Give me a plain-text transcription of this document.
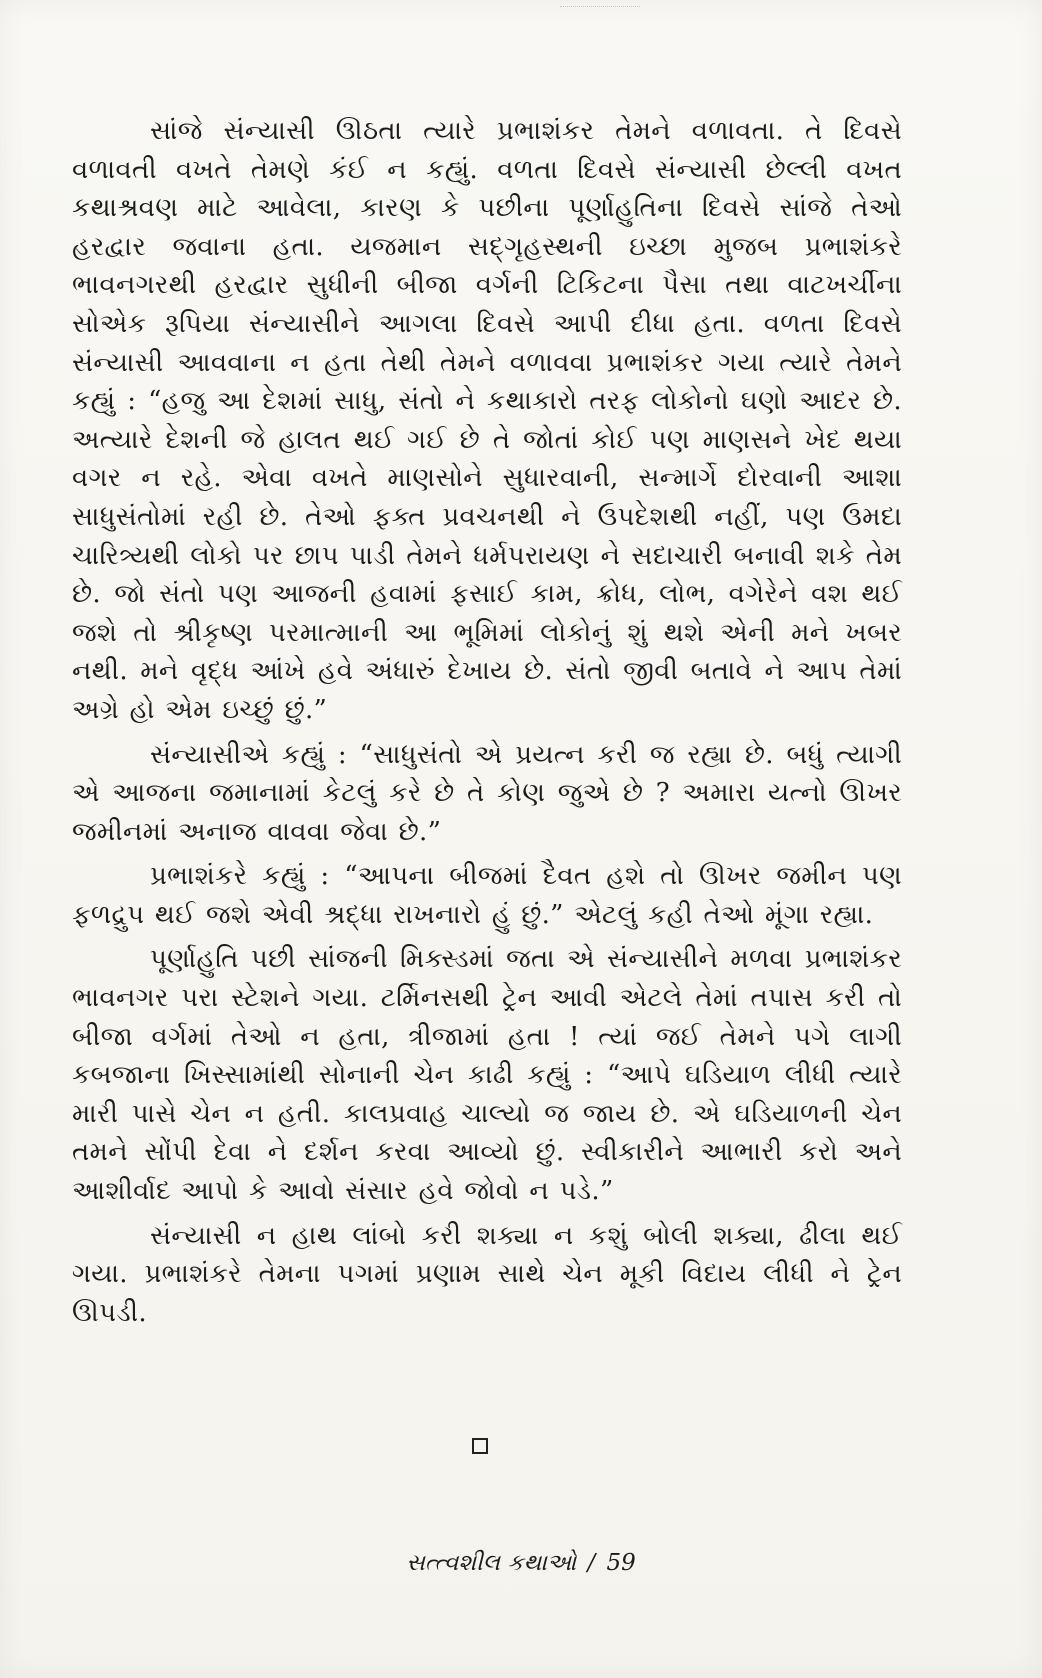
સાંજે સંન્યાસી ઊઠતા ત્યારે પ્રભાશંકર તેમને વળાવતા. તે દિવસે વળાવતી વખતે તેમણે કંઈ ન કહ્યું. વળતા દિવસે સંન્યાસી છેલ્લી વખત કથાશ્રવણ માટે આવેલા, કારણ કે પછીના પૂર્ણાહુતિના દિવસે સાંજે તેઓ હરદ્વાર જવાના હતા. યજમાન સદ્ગૃહસ્થની ઇચ્છા મુજબ પ્રભાશંકરે ભાવનગરથી હરદ્વાર સુધીની બીજા વર્ગની ટિકિટના પૈસા તથા વાટખર્ચીના સોએક રૂપિયા સંન્યાસીને આગલા દિવસે આપી દીધા હતા. વળતા દિવસે સંન્યાસી આવવાના ન હતા તેથી તેમને વળાવવા પ્રભાશંકર ગયા ત્યારે તેમને કહ્યું : “હજુ આ દેશમાં સાધુ, સંતો ને કથાકારો તરફ લોકોનો ઘણો આદર છે. અત્યારે દેશની જે હાલત થઈ ગઈ છે તે જોતાં કોઈ પણ માણસને ખેદ થયા વગર ન રહે. એવા વખતે માણસોને સુધારવાની, સન્માર્ગે દોરવાની આશા સાધુસંતોમાં રહી છે. તેઓ ફક્ત પ્રવચનથી ને ઉપદેશથી નહીં, પણ ઉમદા ચારિત્ર્યથી લોકો પર છાપ પાડી તેમને ધર્મપરાયણ ને સદાચારી બનાવી શકે તેમ છે. જો સંતો પણ આજની હવામાં ફસાઈ કામ, ક્રોધ, લોભ, વગેરેને વશ થઈ જશે તો શ્રીકૃષ્ણ પરમાત્માની આ ભૂમિમાં લોકોનું શું થશે એની મને ખબર નથી. મને વૃદ્ધ આંખે હવે અંધારું દેખાય છે. સંતો જીવી બતાવે ને આપ તેમાં અગ્રે હો એમ ઇચ્છું છું.”

સંન્યાસીએ કહ્યું : “સાધુસંતો એ પ્રયત્ન કરી જ રહ્યા છે. બધું ત્યાગી એ આજના જમાનામાં કેટલું કરે છે તે કોણ જુએ છે ? અમારા યત્નો ઊખર જમીનમાં અનાજ વાવવા જેવા છે.”

પ્રભાશંકરે કહ્યું : “આપના બીજમાં દૈવત હશે તો ઊખર જમીન પણ ફળદ્રુપ થઈ જશે એવી શ્રદ્ધા રાખનારો હું છું.” એટલું કહી તેઓ મૂંગા રહ્યા.

પૂર્ણાહુતિ પછી સાંજની મિક્સ્ડમાં જતા એ સંન્યાસીને મળવા પ્રભાશંકર ભાવનગર પરા સ્ટેશને ગયા. ટર્મિનસથી ટ્રેન આવી એટલે તેમાં તપાસ કરી તો બીજા વર્ગમાં તેઓ ન હતા, ત્રીજામાં હતા ! ત્યાં જઈ તેમને પગે લાગી કબજાના ખિસ્સામાંથી સોનાની ચેન કાઢી કહ્યું : “આપે ઘડિયાળ લીધી ત્યારે મારી પાસે ચેન ન હતી. કાલપ્રવાહ ચાલ્યો જ જાય છે. એ ઘડિયાળની ચેન તમને સોંપી દેવા ને દર્શન કરવા આવ્યો છું. સ્વીકારીને આભારી કરો અને આશીર્વાદ આપો કે આવો સંસાર હવે જોવો ન પડે.”

સંન્યાસી ન હાથ લાંબો કરી શક્યા ન કશું બોલી શક્યા, ઢીલા થઈ ગયા. પ્રભાશંકરે તેમના પગમાં પ્રણામ સાથે ચેન મૂકી વિદાય લીધી ને ટ્રેન ઊપડી.

સત્ત્વશીલ કથાઓ / 59
